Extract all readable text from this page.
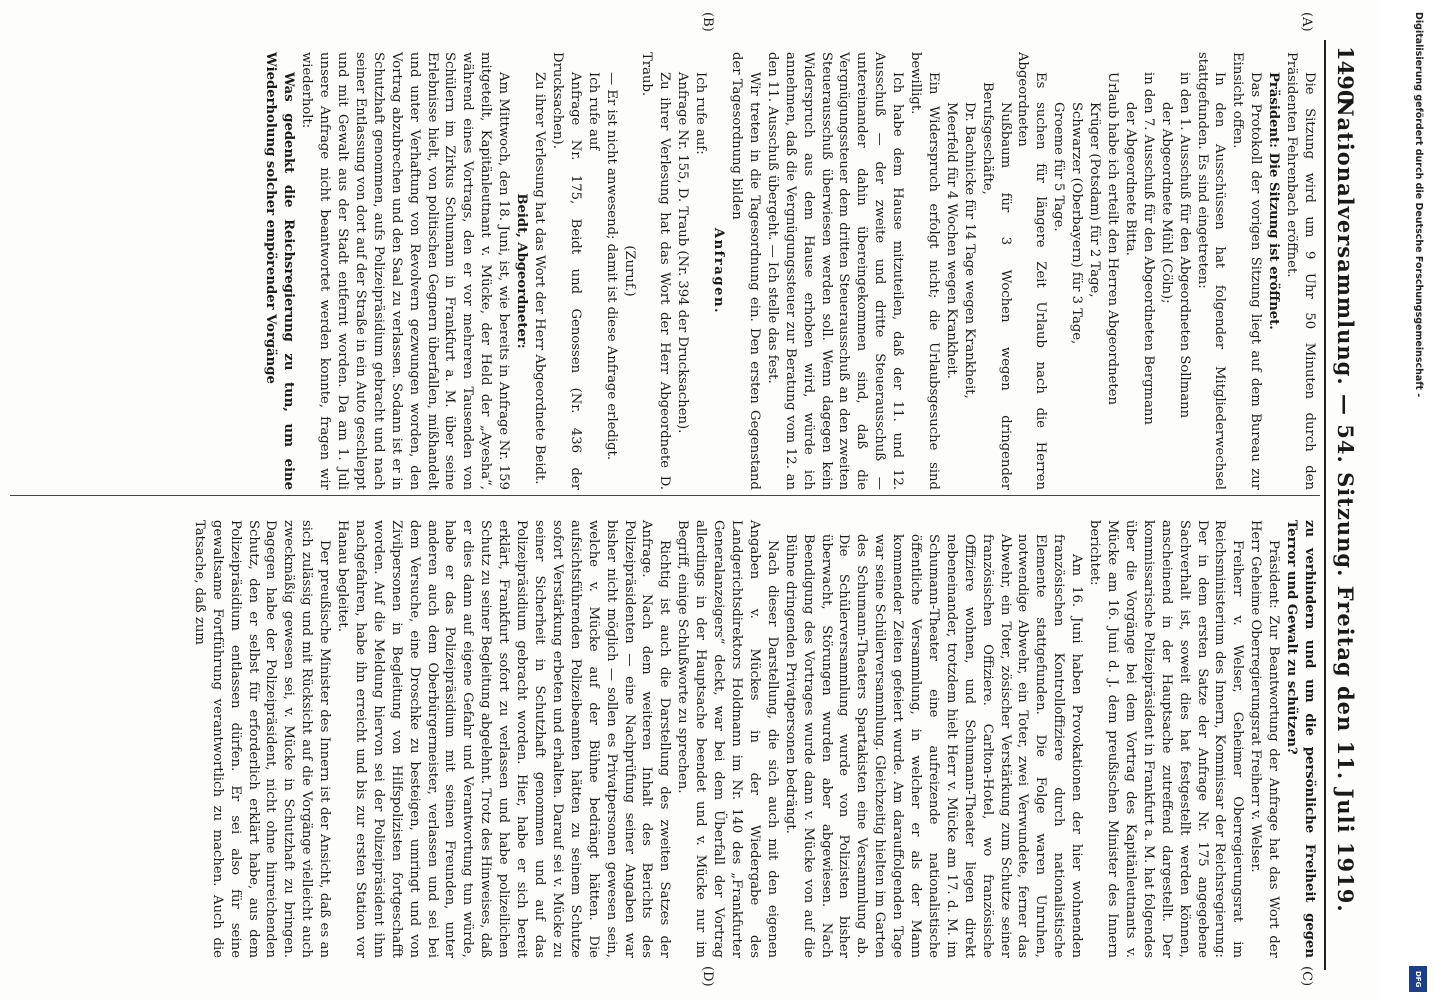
1490
Nationalversammlung. — 54. Sitzung. Freitag den 11. Juli 1919.
(A)
(B)
(C)
(D)

Die Sitzung wird um 9 Uhr 50 Minuten durch den Präsidenten Fehrenbach eröffnet.

Präsident: Die Sitzung ist eröffnet.

Das Protokoll der vorigen Sitzung liegt auf dem Bureau zur Einsicht offen.

In den Ausschüssen hat folgender Mitgliederwechsel stattgefunden. Es sind eingetreten:

in den 1. Ausschuß für den Abgeordneten Sollmann

der Abgeordnete Mühl (Cöln);

in den 7. Ausschuß für den Abgeordneten Bergmann

der Abgeordnete Bitta.

Urlaub habe ich erteilt den Herren Abgeordneten

Krüger (Potsdam) für 2 Tage,

Schwarzer (Oberbayern) für 3 Tage,

Groeme für 5 Tage.

Es suchen für längere Zeit Urlaub nach die Herren Abgeordneten

Nußbaum für 3 Wochen wegen dringender Berufsgeschäfte,

Dr. Bachnicke für 14 Tage wegen Krankheit,

Meerfeld für 4 Wochen wegen Krankheit.

Ein Widerspruch erfolgt nicht; die Urlaubsgesuche sind bewilligt.

Ich habe dem Hause mitzuteilen, daß der 11. und 12. Ausschuß — der zweite und dritte Steuerausschuß — untereinander dahin übereingekommen sind, daß die Vergnügungssteuer dem dritten Steuerausschuß an den zweiten Steuerausschuß überwiesen werden soll. Wenn dagegen kein Widerspruch aus dem Hause erhoben wird, würde ich annehmen, daß die Vergnügungssteuer zur Beratung vom 12. an den 11. Ausschuß übergeht. — Ich stelle das fest.

Wir treten in die Tagesordnung ein. Den ersten Gegenstand der Tagesordnung bilden

Anfragen.

Ich rufe auf:

Anfrage Nr. 155, D. Traub (Nr. 394 der Drucksachen).

Zu ihrer Verlesung hat das Wort der Herr Abgeordnete D. Traub.

(Zuruf.)

— Er ist nicht anwesend; damit ist diese Anfrage erledigt.

Ich rufe auf

Anfrage Nr. 175, Beidt und Genossen (Nr. 436 der Drucksachen).

Zu ihrer Verlesung hat das Wort der Herr Abgeordnete Beidt.

Beidt, Abgeordneter:

Am Mittwoch, den 18. Juni, ist, wie bereits in Anfrage Nr. 159 mitgeteilt, Kapitänleutnant v. Mücke, der Held der „Ayesha“, während eines Vortrags, den er vor mehreren Tausenden von Schülern im Zirkus Schumann in Frankfurt a. M. über seine Erlebnisse hielt, von politischen Gegnern überfallen, mißhandelt und unter Verhaftung von Revolvern gezwungen worden, den Vortrag abzubrechen und den Saal zu verlassen. Sodann ist er in Schutzhaft genommen, aufs Polizeipräsidium gebracht und nach seiner Entlassung von dort auf der Straße in ein Auto geschleppt und mit Gewalt aus der Stadt entfernt worden. Da am 1. Juli unsere Anfrage nicht beantwortet werden konnte, fragen wir wiederholt:

Was gedenkt die Reichsregierung zu tun, um eine Wiederholung solcher empörender Vorgänge

zu verhindern und um die persönliche Freiheit gegen Terror und Gewalt zu schützen?

Präsident: Zur Beantwortung der Anfrage hat das Wort der Herr Geheime Oberregierungsrat Freiherr v. Welser.

Freiherr v. Welser, Geheimer Oberregierungsrat im Reichsministerium des Innern, Kommissar der Reichsregierung: Der in dem ersten Satze der Anfrage Nr. 175 angegebene Sachverhalt ist, soweit dies hat festgestellt werden können, anscheinend in der Hauptsache zutreffend dargestellt. Der kommissarische Polizeipräsident in Frankfurt a. M. hat folgendes über die Vorgänge bei dem Vortrag des Kapitänleutnants v. Mücke am 16. Juni d. J. dem preußischen Minister des Innern berichtet:

Am 16. Juni haben Provokationen der hier wohnenden französischen Kontrolloffiziere durch nationalistische Elemente stattgefunden. Die Folge waren Unruhen, notwendige Abwehr, ein Toter, zwei Verwundete, ferner das Abwehr, ein Toter, zösischer Verstärkung zum Schutze seiner französischen Offiziere. Carlton-Hotel, wo französische Offiziere wohnen, und Schumann-Theater liegen direkt nebeneinander, trotzdem hielt Herr v. Mücke am 17. d. M. im Schumann-Theater eine aufreizende nationalistische öffentliche Versammlung, in welcher er als der Mann kommender Zeiten gefeiert wurde. Am darauffolgenden Tage war seine Schülerversammlung. Gleichzeitig hielten im Garten des Schumann-Theaters Spartakisten eine Versammlung ab. Die Schülerversammlung wurde von Polizisten bisher überwacht, Störungen wurden aber abgewiesen. Nach Beendigung des Vortrages wurde dann v. Mücke von auf die Bühne dringenden Privatpersonen bedrängt.

Nach dieser Darstellung, die sich auch mit den eigenen Angaben v. Mückes in der Wiedergabe des Landgerichtsdirektors Holdmann im Nr. 140 des „Frankfurter Generalanzeigers“ deckt, war bei dem Überfall der Vortrag allerdings in der Hauptsache beendet und v. Mücke nur im Begriff, einige Schlußworte zu sprechen.

Richtig ist auch die Darstellung des zweiten Satzes der Anfrage. Nach dem weiteren Inhalt des Berichts des Polizeipräsidenten — eine Nachprüfung seiner Angaben war bisher nicht möglich — sollen es Privatpersonen gewesen sein, welche v. Mücke auf der Bühne bedrängt hätten. Die aufsichtsführenden Polizeibeamten hätten zu seinem Schutze sofort Verstärkung erbeten und erhalten. Darauf sei v. Mücke zu seiner Sicherheit in Schutzhaft genommen und auf das Polizeipräsidium gebracht worden. Hier, habe er sich bereit erklärt, Frankfurt sofort zu verlassen und habe polizeilichen Schutz zu seiner Begleitung abgelehnt. Trotz des Hinweises, daß er dies dann auf eigene Gefahr und Verantwortung tun würde, habe er das Polizeipräsidium mit seinen Freunden, unter anderen auch dem Oberbürgermeister, verlassen und sei bei dem Versuche, eine Droschke zu besteigen, umringt und von Zivilpersonen in Begleitung von Hilfspolizisten fortgeschafft worden. Auf die Meldung hiervon sei der Polizeipräsident ihm nachgefahren, habe ihn erreicht und bis zur ersten Station vor Hanau begleitet.

Der preußische Minister des Innern ist der Ansicht, daß es an sich zulässig und mit Rücksicht auf die Vorgänge vielleicht auch zweckmäßig gewesen sei, v. Mücke in Schutzhaft zu bringen. Dagegen habe der Polizeipräsident, nicht ohne hinreichenden Schutz, den er selbst für erforderlich erklärt habe, aus dem Polizeipräsidium entlassen dürfen. Er sei also für seine gewaltsame Fortführung verantwortlich zu machen. Auch die Tatsache, daß zum

Digitalisierung gefördert durch die Deutsche Forschungsgemeinschaft -
DFG
